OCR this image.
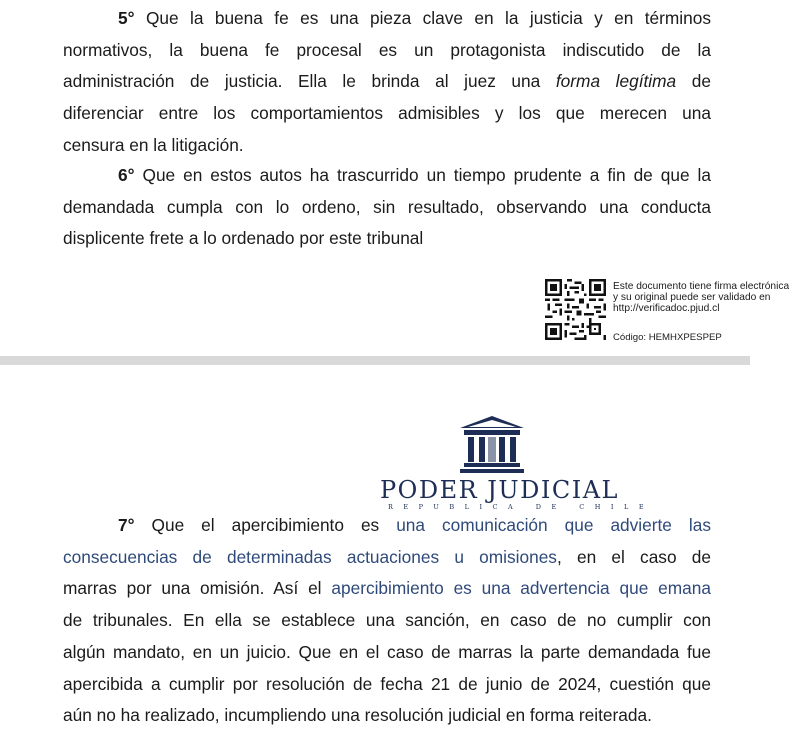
5° Que la buena fe es una pieza clave en la justicia y en términos
normativos, la buena fe procesal es un protagonista indiscutido de la
administración de justicia. Ella le brinda al juez una forma legítima de
diferenciar entre los comportamientos admisibles y los que merecen una
censura en la litigación.
6° Que en estos autos ha trascurrido un tiempo prudente a fin de que la
demandada cumpla con lo ordeno, sin resultado, observando una conducta
displicente frete a lo ordenado por este tribunal
Este documento tiene firma electrónica
y su original puede ser validado en
http://verificadoc.pjud.cl
Código: HEMHXPESPEP
PODER JUDICIAL
REPUBLICA DE CHILE
7° Que el apercibimiento es una comunicación que advierte las
consecuencias de determinadas actuaciones u omisiones, en el caso de
marras por una omisión. Así el apercibimiento es una advertencia que emana
de tribunales. En ella se establece una sanción, en caso de no cumplir con
algún mandato, en un juicio. Que en el caso de marras la parte demandada fue
apercibida a cumplir por resolución de fecha 21 de junio de 2024, cuestión que
aún no ha realizado, incumpliendo una resolución judicial en forma reiterada.
